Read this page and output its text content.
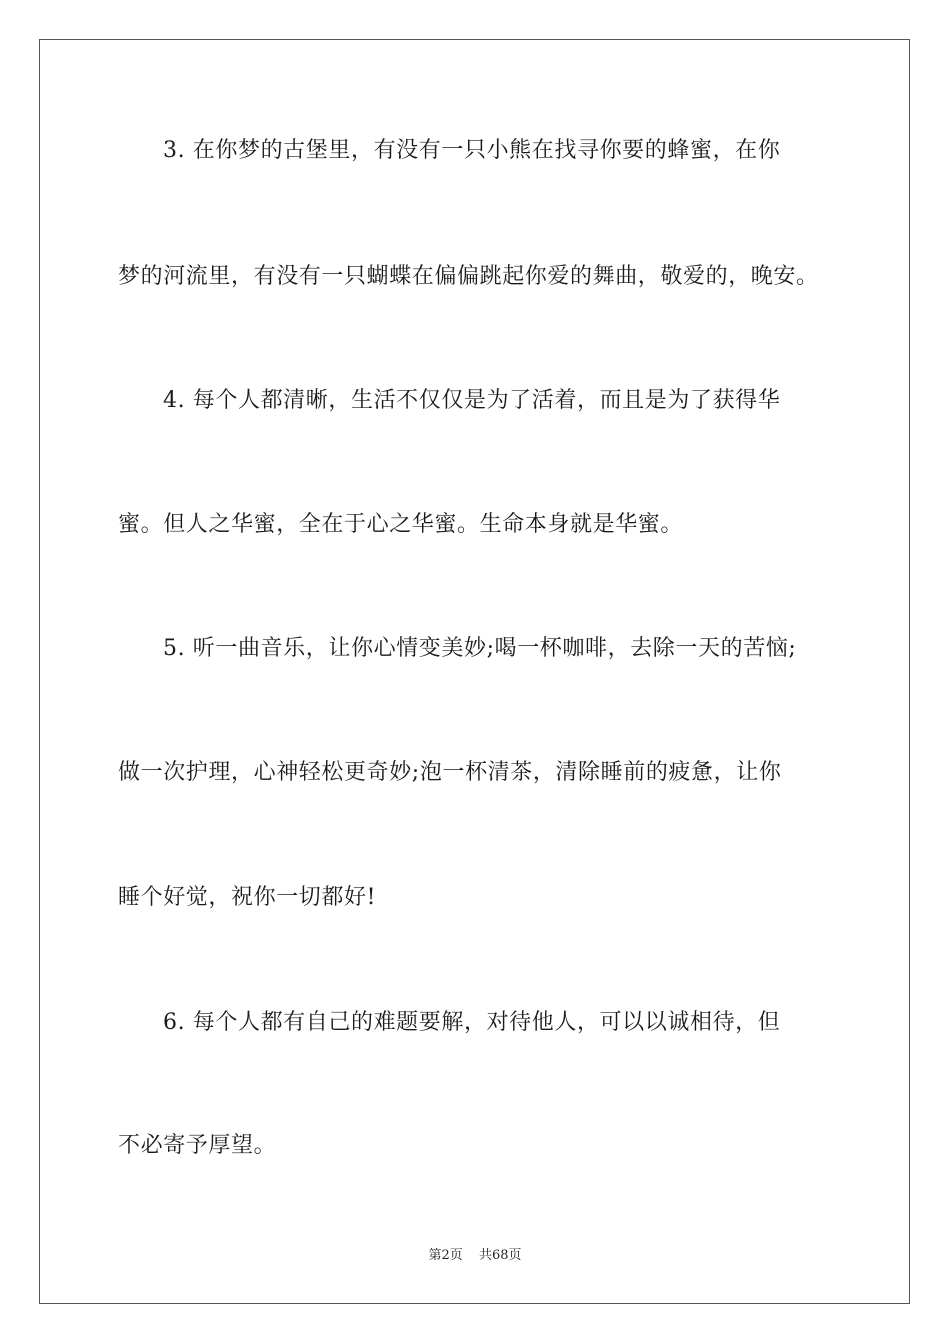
3. 在你梦的古堡里，有没有一只小熊在找寻你要的蜂蜜，在你
梦的河流里，有没有一只蝴蝶在偏偏跳起你爱的舞曲，敬爱的，晚安。
4. 每个人都清晰，生活不仅仅是为了活着，而且是为了获得华
蜜。但人之华蜜，全在于心之华蜜。生命本身就是华蜜。
5. 听一曲音乐，让你心情变美妙;喝一杯咖啡，去除一天的苦恼;
做一次护理，心神轻松更奇妙;泡一杯清茶，清除睡前的疲惫，让你
睡个好觉，祝你一切都好!
6. 每个人都有自己的难题要解，对待他人，可以以诚相待，但
不必寄予厚望。
第2页 共68页
